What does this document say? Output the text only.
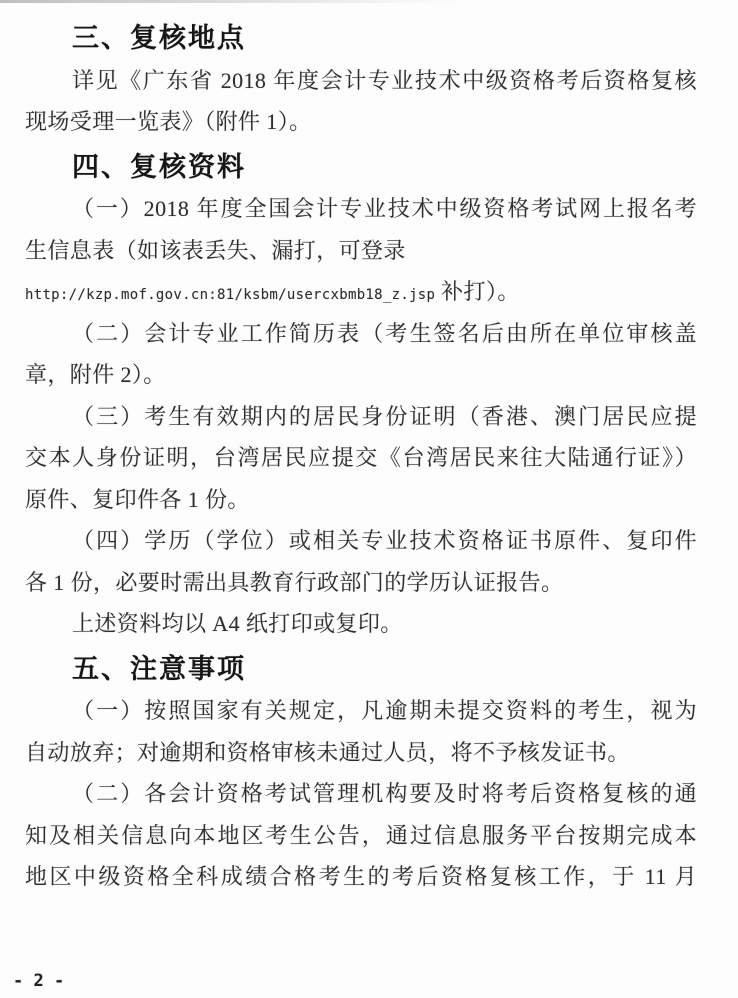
三、复核地点
详见《广东省 2018 年度会计专业技术中级资格考后资格复核
现场受理一览表》（附件 1）。
四、复核资料
（一）2018 年度全国会计专业技术中级资格考试网上报名考
生信息表（如该表丢失、漏打，可登录
http://kzp.mof.gov.cn:81/ksbm/usercxbmb18_z.jsp 补打）。
（二）会计专业工作简历表（考生签名后由所在单位审核盖
章，附件 2）。
（三）考生有效期内的居民身份证明（香港、澳门居民应提
交本人身份证明，台湾居民应提交《台湾居民来往大陆通行证》）
原件、复印件各 1 份。
（四）学历（学位）或相关专业技术资格证书原件、复印件
各 1 份，必要时需出具教育行政部门的学历认证报告。
上述资料均以 A4 纸打印或复印。
五、注意事项
（一）按照国家有关规定，凡逾期未提交资料的考生，视为
自动放弃；对逾期和资格审核未通过人员，将不予核发证书。
（二）各会计资格考试管理机构要及时将考后资格复核的通
知及相关信息向本地区考生公告，通过信息服务平台按期完成本
地区中级资格全科成绩合格考生的考后资格复核工作，于 11 月
- 2 -
